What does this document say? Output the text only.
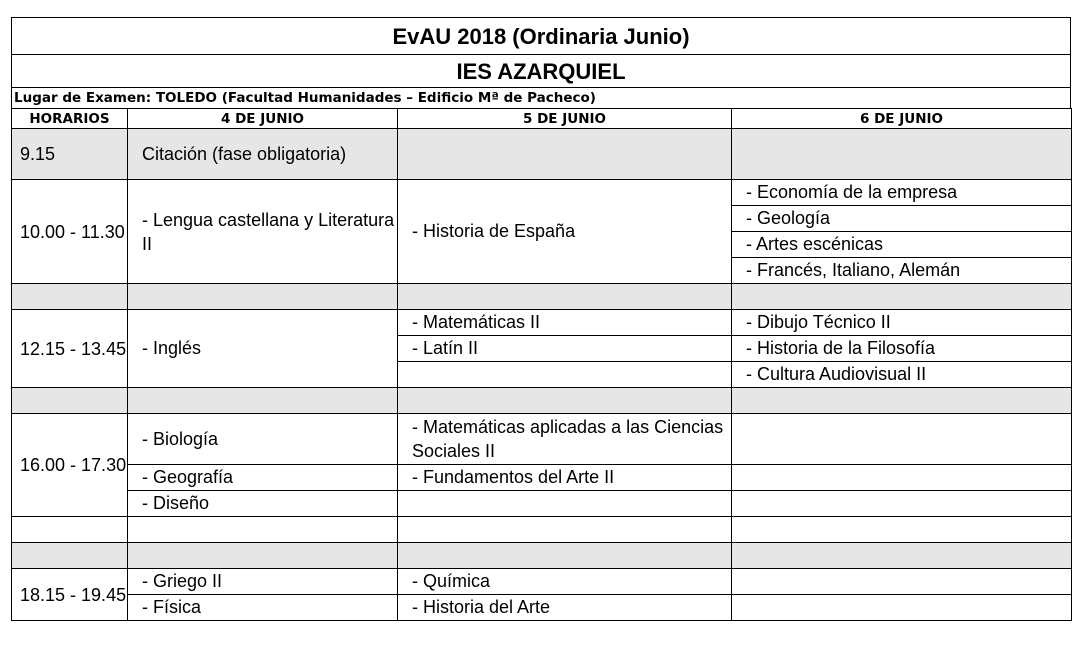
EvAU 2018 (Ordinaria Junio)
IES AZARQUIEL
Lugar de Examen: TOLEDO (Facultad Humanidades – Edificio Mª de Pacheco)
HORARIOS	4 DE JUNIO	5 DE JUNIO	6 DE JUNIO
9.15	Citación (fase obligatoria)		
10.00 - 11.30	- Lengua castellana y Literatura II	- Historia de España	- Economía de la empresa
			- Geología
			- Artes escénicas
			- Francés, Italiano, Alemán

12.15 - 13.45	- Inglés	- Matemáticas II	- Dibujo Técnico II
		- Latín II	- Historia de la Filosofía
			- Cultura Audiovisual II

16.00 - 17.30	- Biología	- Matemáticas aplicadas a las Ciencias Sociales II	
	- Geografía	- Fundamentos del Arte II	
	- Diseño		

18.15 - 19.45	- Griego II	- Química	
	- Física	- Historia del Arte	
